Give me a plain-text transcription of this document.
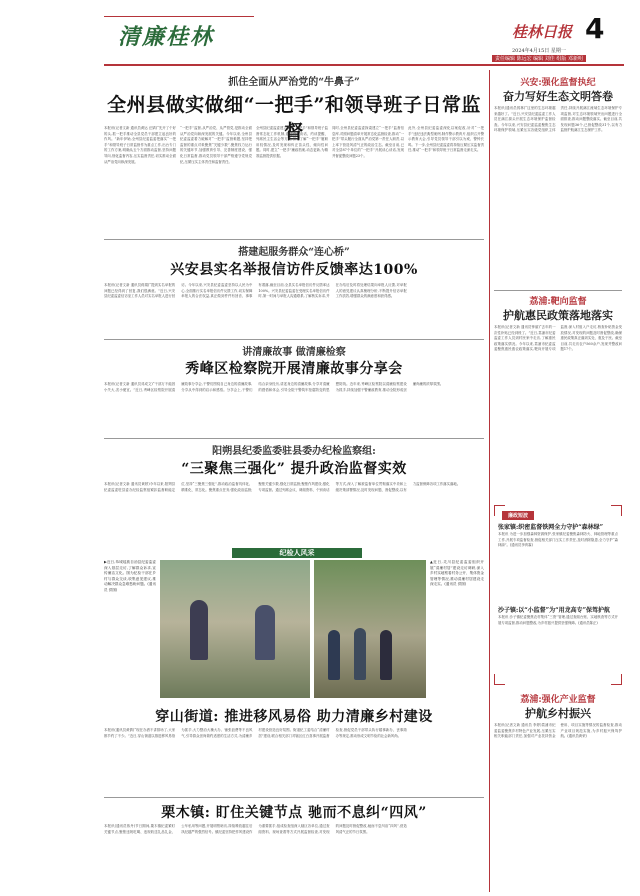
清廉桂林	桂林日报 4
2024年4月15日 星期一
责任编辑 陈远宏 编辑 刘佳 组版 邓新明
抓住全面从严治党的“牛鼻子”
全州县做实做细“一把手”和领导班子日常监督
本报讯(记者文新 通讯员黄运 汪婧)“先开了个好的头,抓一把手推动全县党员干部建立起良好的作风。”新年伊始,全州县纪委监委把落实“一把手”和领导班子日常监督作为重点工作,出台专门的工作方案,明确从五个方面推动监督,坚持问题导向,细化监督内容,压实监督责任,切实推动全面从严治党向纵深发展。
“一把手”监督,从严治党、从严管党,是推动全面从严治党向纵深发展的关键。今年以来,全州县纪委监委着力破解对“一把手”监督难题,坚持把监督的重点对象聚焦“关键少数”,聚焦权力运行的关键环节,加强教育引导、完善制度建设、强化日常监督,推动党员领导干部严格遵守党规党纪,压紧压实主体责任和监督责任。
全州县纪委监委建立健全“一把手”和领导班子监督常态化工作机制,通过谈心谈话、约谈提醒、列席民主生活会等方式,深入了解“一把手”履职用权情况,及时发现和纠正苗头性、倾向性问题。同时,建立“一把手”廉政档案,动态更新,为精准监督提供依据。
同时,全州县纪委监委探索建立“一把手”监督信息库,对照问题清单开展常态化监督检查,推动“一把手”带头履行全面从严治党第一责任人职责,以上率下营造风清气正的政治生态。截至目前,已对全县87个单位的“一把手”开展谈心谈话,发现并督促整改问题23个。
此外,全州县纪委监委深化以案促改,针对“一把手”违纪违法典型案例,制作警示教育片,组织召开警示教育大会,引导党员领导干部引以为戒、警钟长鸣。下一步,全州县纪委监委将持续压紧压实监督责任,推动“一把手”和领导班子日常监督走深走实。
搭建起服务群众“连心桥”
兴安县实名举报信访件反馈率达100%
本报讯(记者文新 通讯员蒋娟)“提到实名举报的问题已经得到了回复,我们很满意。”近日,兴安县纪委监委信访室工作人员对实名举报人进行回访。今年以来,兴安县纪委监委坚持以人民为中心,全面推行实名举报信访件反馈工作,切实保障举报人的合法权益,真正做到件件有回音、事事有着落,截至目前,全县实名举报信访件反馈率达100%。兴安县纪委监委在受理实名举报信访件时,第一时间与举报人沟通联系,了解核实诉求,并在办结后及时将处理结果向举报人反馈,对举报人的意见建议认真梳理分析,不断提升信访举报工作质效,增强群众的满意度和获得感。
讲清廉故事 做清廉检察
秀峰区检察院开展清廉故事分享会
本报讯(记者文新 通讯员邓成文)“干部万不能因小失大,贪小便宜。”近日,秀峰区检察院开展清廉故事分享会,干警们围绕自己身边的清廉故事,分享从中得到的启示和感悟。分享会上,干警们结合亲身经历,讲述身边的清廉故事,分享对清廉的感悟和体会,引导全院干警筑牢拒腐防变的思想防线。近年来,秀峰区检察院以清廉检察建设为抓手,持续加强干警廉政教育,推动全院形成崇廉尚廉的浓厚氛围。
阳朔县纪委监委驻县委办纪检监察组:
“三聚焦三强化” 提升政治监督实效
本报讯(记者文新 通讯员黄婷)今年以来,阳朔县纪委监委驻县委办纪检监察组紧扣监督职能定位,坚持“三聚焦三强化”,推动政治监督具体化、精准化、常态化。聚焦重点任务,强化政治监督;聚焦关键少数,强化日常监督;聚焦作风建设,强化专项监督。通过列席会议、调阅资料、个别谈话等方式,深入了解被监督单位贯彻落实中央和上级决策部署情况,及时发现问题、督促整改,以有力监督保障各项工作落实落地。
纪检人风采
▶近日,恭城瑶族自治县纪委监委深入基层走访,了解群众诉求,宣传廉洁文化。图为纪检干部在乡村与群众交谈,收集意见建议,推动解决群众急难愁盼问题。(通讯员 供图)
▲近日,灵川县纪委监委组织开展“清廉村居”建设走访调研,深入乡村实地察看村务公开、集体资金管理等情况,推动清廉村居建设走深走实。(通讯员 供图)
穿山街道: 推进移风易俗 助力清廉乡村建设
本报讯(通讯员黄倩)“现在办酒不讲排场了,大家都节约了不少。”近日,穿山街道以推进移风易俗为抓手,大力整治大操大办、铺张浪费等不良风气,引导群众崇尚简约适度的生活方式,为清廉乡村建设营造良好氛围。街道纪工委结合“清廉村居”建设,联合相关部门对辖区红白喜事开展监督检查,督促党员干部带头执行婚事新办、丧事简办等规定,推动形成文明节俭的社会新风尚。
栗木镇: 盯住关键节点 驰而不息纠“四风”
本报讯(通讯员蒋丹)节日期间,栗木镇纪委紧盯关键节点,聚焦违规吃喝、违规收送礼品礼金、公车私用等问题,开展明察暗访,持续释放越往后执纪越严的强烈信号。镇纪委坚持把作风建设作为重要抓手,组成检查组深入辖区各单位,通过查阅资料、现场查看等方式开展监督检查,对发现的问题及时督促整改,驰而不息纠治“四风”,营造风清气正的节日氛围。
兴安:强化监督执纪
奋力写好生态文明答卷
本报讯(通讯员郭林)“这里的生态环境越来越好了。”近日,兴安县纪委监委工作人员在漓江源头开展生态环境保护监督检查。今年以来,兴安县纪委监委聚焦生态环境保护领域,压紧压实各级党组织主体责任,持续开展漓江流域生态环境保护专项监督,对生态环境领域突出问题进行全面排查,推动问题整改落实。截至目前,共发现问题36个,已督促整改31个,以有力监督护航漓江生态保护工作。
荔浦:靶向监督
护航惠民政策落地落实
本报讯(记者文新 通讯员钟丽)“去年的一次性补贴已经到账了。”近日,荔浦市纪委监委工作人员到村民家中走访,了解惠民政策落实情况。今年以来,荔浦市纪委监委聚焦惠民惠农政策落实,靶向开展专项监督,深入村组入户走访,核查补贴资金发放情况,对发现的问题及时督促整改,确保惠民政策真正落到实处、惠及于民。截至目前,共走访农户560余户,发现并整改问题17个。
廉政短波
张家镇:织密监督铁网全力守护“森林绿”
本报讯 为进一步加强森林资源保护,张家镇纪委聚焦森林防火、林地管理等重点工作,开展专项监督检查,督促相关部门压实工作责任,及时消除隐患,全力守护“森林绿”。(通讯员李育霖)
沙子镇:以“小监督”为“用龙高专”保驾护航
本报讯 沙子镇纪委聚焦农村集体“三资”管理,通过查阅台账、实地核查等方式开展专项监督,推动问题整改,为乡村振兴提供坚强保障。(通讯员陈正)
荔浦:强化产业监督
护航乡村振兴
本报讯(记者文新 通讯员 李婷)荔浦市纪委监委聚焦乡村特色产业发展,压紧压实相关职能部门责任,加强对产业扶持资金使用、项目实施等情况的监督检查,推动产业项目规范实施,为乡村振兴保驾护航。(通讯员黄荣)
